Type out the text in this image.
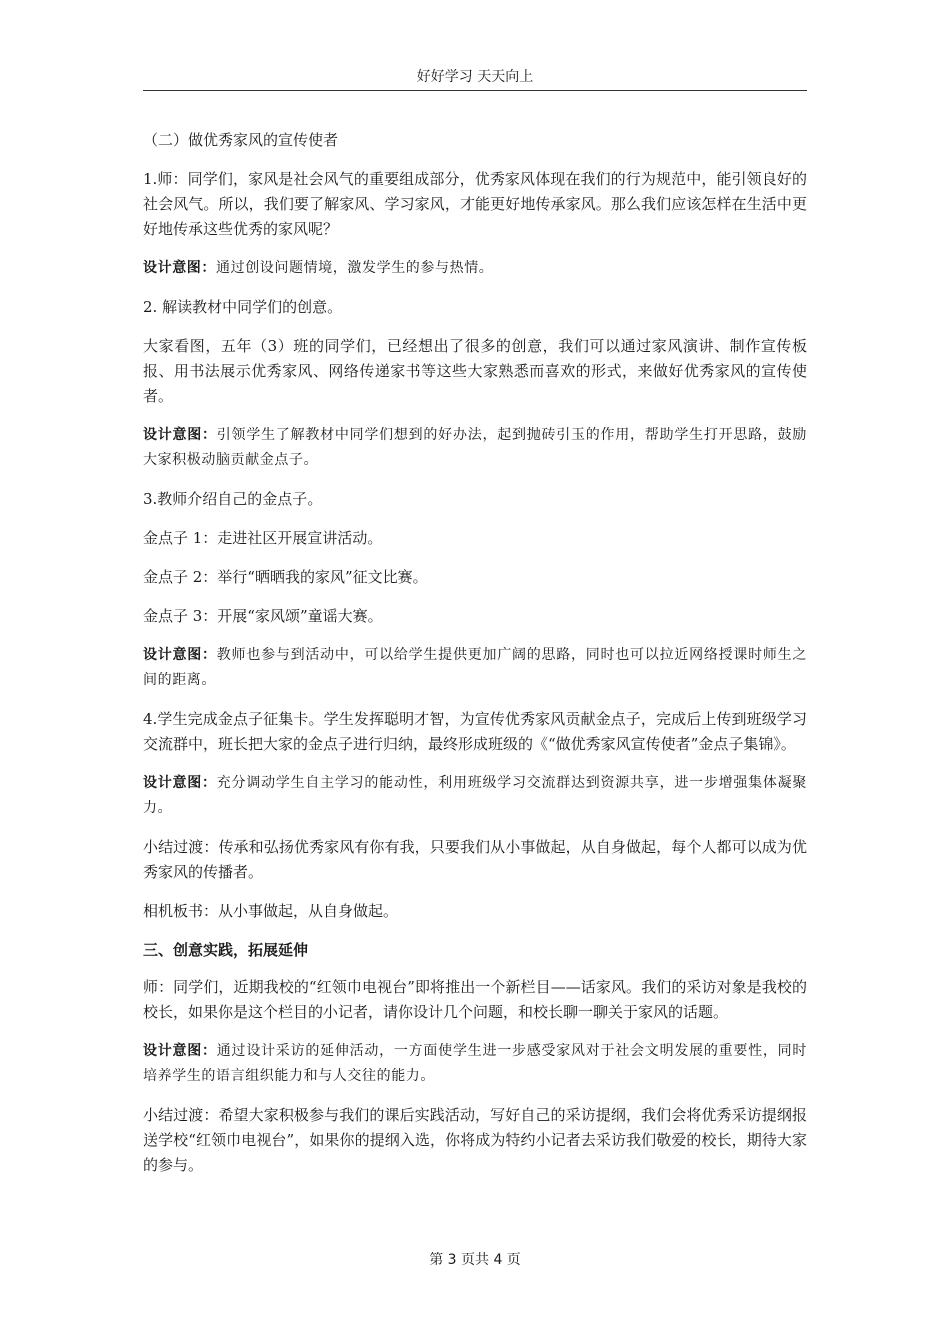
好好学习 天天向上

（二）做优秀家风的宣传使者

1.师：同学们，家风是社会风气的重要组成部分，优秀家风体现在我们的行为规范中，能引领良好的社会风气。所以，我们要了解家风、学习家风，才能更好地传承家风。那么我们应该怎样在生活中更好地传承这些优秀的家风呢？

设计意图：通过创设问题情境，激发学生的参与热情。

2. 解读教材中同学们的创意。

大家看图，五年（3）班的同学们，已经想出了很多的创意，我们可以通过家风演讲、制作宣传板报、用书法展示优秀家风、网络传递家书等这些大家熟悉而喜欢的形式，来做好优秀家风的宣传使者。

设计意图：引领学生了解教材中同学们想到的好办法，起到抛砖引玉的作用，帮助学生打开思路，鼓励大家积极动脑贡献金点子。

3.教师介绍自己的金点子。

金点子 1：走进社区开展宣讲活动。

金点子 2：举行“晒晒我的家风”征文比赛。

金点子 3：开展“家风颂”童谣大赛。

设计意图：教师也参与到活动中，可以给学生提供更加广阔的思路，同时也可以拉近网络授课时师生之间的距离。

4.学生完成金点子征集卡。学生发挥聪明才智，为宣传优秀家风贡献金点子，完成后上传到班级学习交流群中，班长把大家的金点子进行归纳，最终形成班级的《“做优秀家风宣传使者”金点子集锦》。

设计意图：充分调动学生自主学习的能动性，利用班级学习交流群达到资源共享，进一步增强集体凝聚力。

小结过渡：传承和弘扬优秀家风有你有我，只要我们从小事做起，从自身做起，每个人都可以成为优秀家风的传播者。

相机板书：从小事做起，从自身做起。

三、创意实践，拓展延伸

师：同学们，近期我校的“红领巾电视台”即将推出一个新栏目——话家风。我们的采访对象是我校的校长，如果你是这个栏目的小记者，请你设计几个问题，和校长聊一聊关于家风的话题。

设计意图：通过设计采访的延伸活动，一方面使学生进一步感受家风对于社会文明发展的重要性，同时培养学生的语言组织能力和与人交往的能力。

小结过渡：希望大家积极参与我们的课后实践活动，写好自己的采访提纲，我们会将优秀采访提纲报送学校“红领巾电视台”，如果你的提纲入选，你将成为特约小记者去采访我们敬爱的校长，期待大家的参与。

第 3 页共 4 页
